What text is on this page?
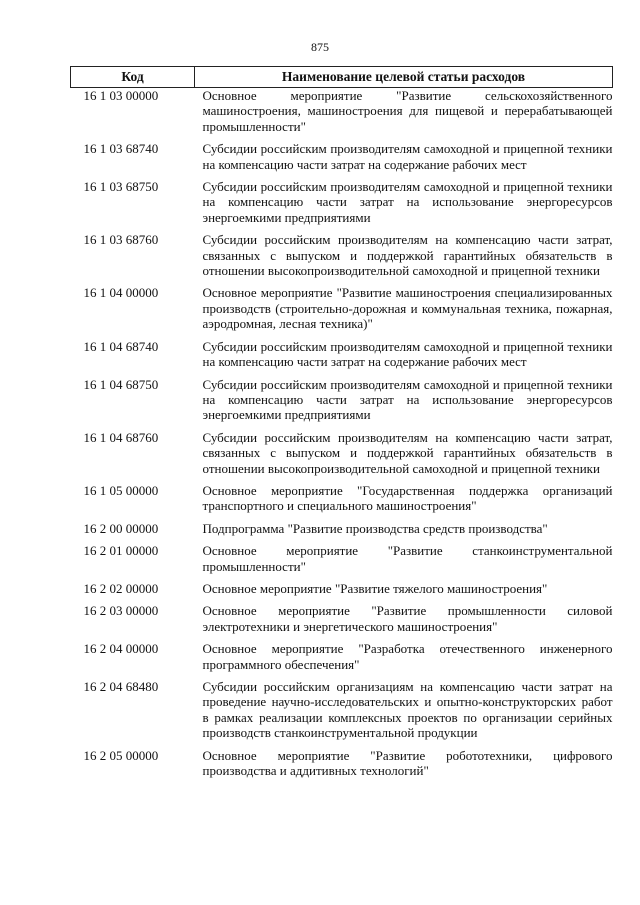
875
Код	Наименование целевой статьи расходов
16 1 03 00000	Основное мероприятие "Развитие сельскохозяйственного машиностроения, машиностроения для пищевой и перерабатывающей промышленности"
16 1 03 68740	Субсидии российским производителям самоходной и прицепной техники на компенсацию части затрат на содержание рабочих мест
16 1 03 68750	Субсидии российским производителям самоходной и прицепной техники на компенсацию части затрат на использование энергоресурсов энергоемкими предприятиями
16 1 03 68760	Субсидии российским производителям на компенсацию части затрат, связанных с выпуском и поддержкой гарантийных обязательств в отношении высокопроизводительной самоходной и прицепной техники
16 1 04 00000	Основное мероприятие "Развитие машиностроения специализированных производств (строительно-дорожная и коммунальная техника, пожарная, аэродромная, лесная техника)"
16 1 04 68740	Субсидии российским производителям самоходной и прицепной техники на компенсацию части затрат на содержание рабочих мест
16 1 04 68750	Субсидии российским производителям самоходной и прицепной техники на компенсацию части затрат на использование энергоресурсов энергоемкими предприятиями
16 1 04 68760	Субсидии российским производителям на компенсацию части затрат, связанных с выпуском и поддержкой гарантийных обязательств в отношении высокопроизводительной самоходной и прицепной техники
16 1 05 00000	Основное мероприятие "Государственная поддержка организаций транспортного и специального машиностроения"
16 2 00 00000	Подпрограмма "Развитие производства средств производства"
16 2 01 00000	Основное мероприятие "Развитие станкоинструментальной промышленности"
16 2 02 00000	Основное мероприятие "Развитие тяжелого машиностроения"
16 2 03 00000	Основное мероприятие "Развитие промышленности силовой электротехники и энергетического машиностроения"
16 2 04 00000	Основное мероприятие "Разработка отечественного инженерного программного обеспечения"
16 2 04 68480	Субсидии российским организациям на компенсацию части затрат на проведение научно-исследовательских и опытно-конструкторских работ в рамках реализации комплексных проектов по организации серийных производств станкоинструментальной продукции
16 2 05 00000	Основное мероприятие "Развитие робототехники, цифрового производства и аддитивных технологий"
